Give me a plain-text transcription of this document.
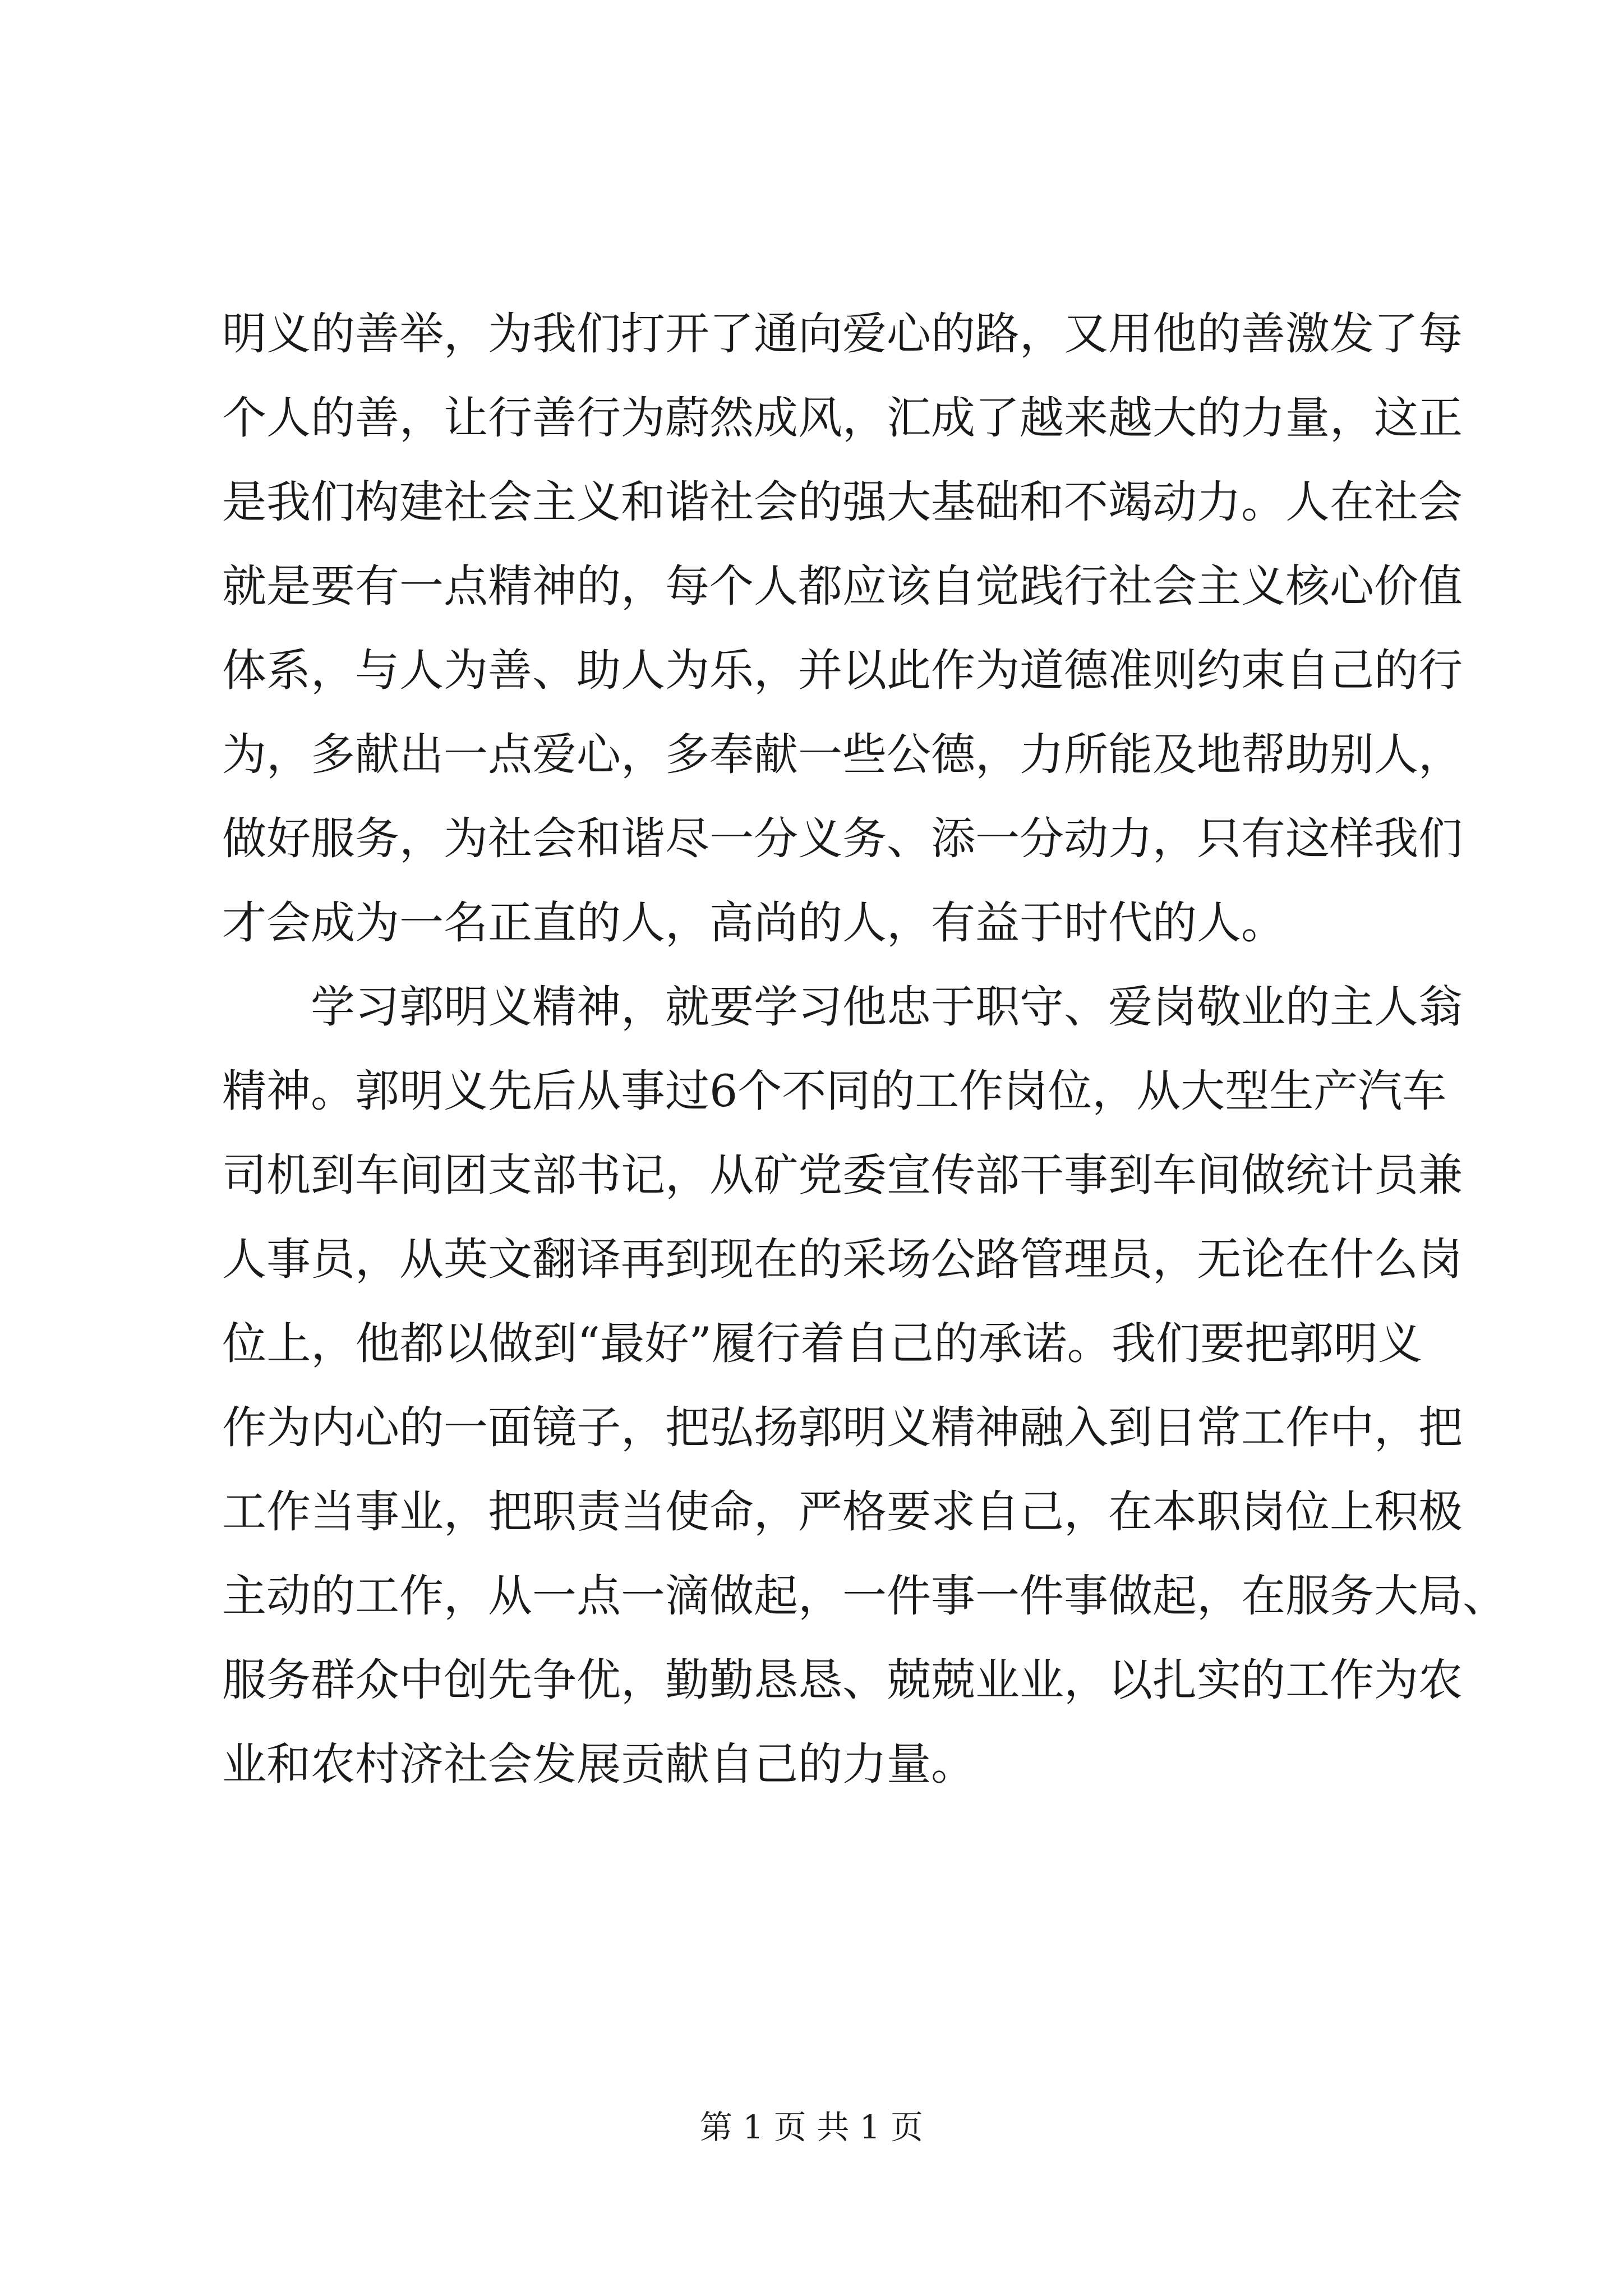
明义的善举，为我们打开了通向爱心的路，又用他的善激发了每
个人的善，让行善行为蔚然成风，汇成了越来越大的力量，这正
是我们构建社会主义和谐社会的强大基础和不竭动力。人在社会
就是要有一点精神的，每个人都应该自觉践行社会主义核心价值
体系，与人为善、助人为乐，并以此作为道德准则约束自己的行
为，多献出一点爱心，多奉献一些公德，力所能及地帮助别人，
做好服务，为社会和谐尽一分义务、添一分动力，只有这样我们
才会成为一名正直的人，高尚的人，有益于时代的人。
学习郭明义精神，就要学习他忠于职守、爱岗敬业的主人翁
精神。郭明义先后从事过6个不同的工作岗位，从大型生产汽车
司机到车间团支部书记，从矿党委宣传部干事到车间做统计员兼
人事员，从英文翻译再到现在的采场公路管理员，无论在什么岗
位上，他都以做到“最好”履行着自己的承诺。我们要把郭明义
作为内心的一面镜子，把弘扬郭明义精神融入到日常工作中，把
工作当事业，把职责当使命，严格要求自己，在本职岗位上积极
主动的工作，从一点一滴做起，一件事一件事做起，在服务大局、
服务群众中创先争优，勤勤恳恳、兢兢业业，以扎实的工作为农
业和农村济社会发展贡献自己的力量。
第 1 页 共 1 页
